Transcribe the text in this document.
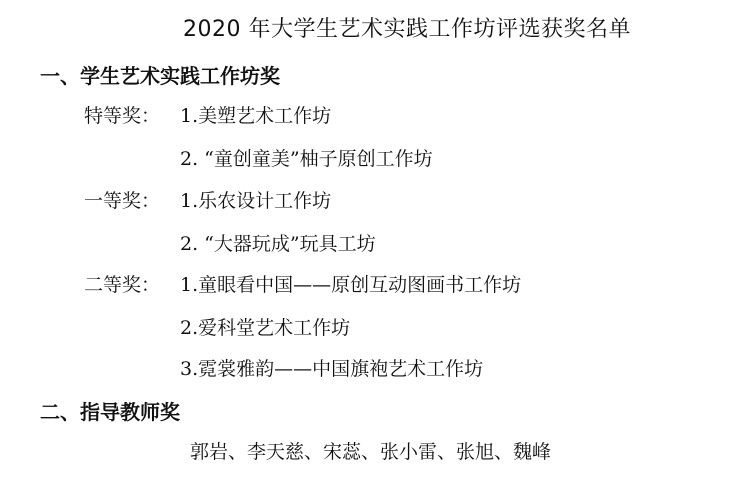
2020 年大学生艺术实践工作坊评选获奖名单
一、学生艺术实践工作坊奖
特等奖： 1.美塑艺术工作坊
2. “童创童美”柚子原创工作坊
一等奖： 1.乐农设计工作坊
2. “大器玩成”玩具工坊
二等奖： 1.童眼看中国——原创互动图画书工作坊
2.爱科堂艺术工作坊
3.霓裳雅韵——中国旗袍艺术工作坊
二、指导教师奖
郭岩、李天慈、宋蕊、张小雷、张旭、魏峰
